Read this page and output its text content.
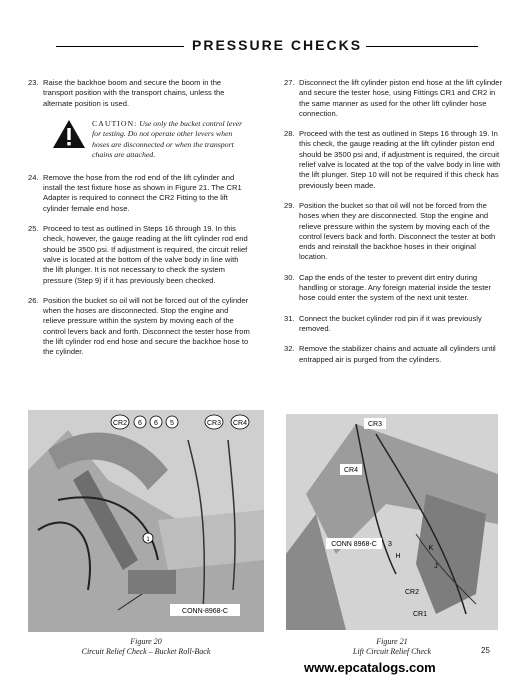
PRESSURE CHECKS
23. Raise the backhoe boom and secure the boom in the transport position with the transport chains, unless the alternate position is used.
CAUTION: Use only the bucket control lever for testing. Do not operate other levers when hoses are disconnected or when the transport chains are attached.
24. Remove the hose from the rod end of the lift cylinder and install the test fixture hose as shown in Figure 21. The CR1 Adapter is required to connect the CR2 Fitting to the lift cylinder female end hose.
25. Proceed to test as outlined in Steps 16 through 19. In this check, however, the gauge reading at the lift cylinder rod end should be 3500 psi. If adjustment is required, the circuit relief valve is located at the bottom of the valve body in line with the lift plunger. It is not necessary to check the system pressure (Step 9) if it has previously been checked.
26. Position the bucket so oil will not be forced out of the cylinder when the hoses are disconnected. Stop the engine and relieve pressure within the system by moving each of the control levers back and forth. Disconnect the tester hose from the lift cylinder rod end hose and secure the backhoe hose to the cylinder.
27. Disconnect the lift cylinder piston end hose at the lift cylinder and secure the tester hose, using Fittings CR1 and CR2 in the same manner as used for the other lift cylinder hose connection.
28. Proceed with the test as outlined in Steps 16 through 19. In this check, the gauge reading at the lift cylinder piston end should be 3500 psi and, if adjustment is required, the circuit relief valve is located at the top of the valve body in line with the lift plunger. Step 10 will not be required if this check has previously been made.
29. Position the bucket so that oil will not be forced from the hoses when they are disconnected. Stop the engine and relieve pressure within the system by moving each of the control levers back and forth. Disconnect the tester at both ends and reinstall the backhoe hoses in their original location.
30. Cap the ends of the tester to prevent dirt entry during handling or storage. Any foreign material inside the tester hose could enter the system of the next unit tester.
31. Connect the bucket cylinder rod pin if it was previously removed.
32. Remove the stabilizer chains and actuate all cylinders until entrapped air is purged from the cylinders.
CR2 6 6 5	CR3 CR4
1
CONN-8968-C
Figure 20
Circuit Relief Check – Bucket Roll-Back
CR3
CR4
CONN 8968-C 3
K
H
J
CR2
CR1
Figure 21
Lift Circuit Relief Check	25
www.epcatalogs.com
